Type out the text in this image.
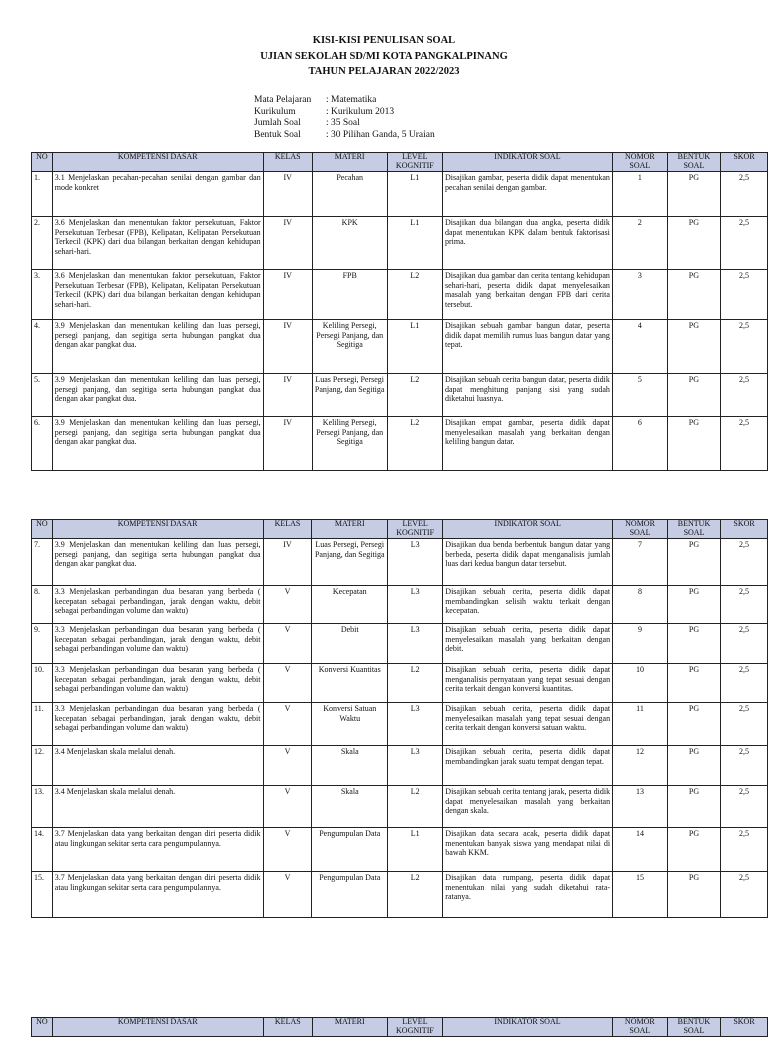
KISI-KISI PENULISAN SOAL
UJIAN SEKOLAH SD/MI KOTA PANGKALPINANG
TAHUN PELAJARAN 2022/2023
Mata Pelajaran	: Matematika
Kurikulum	: Kurikulum 2013
Jumlah Soal	: 35 Soal
Bentuk Soal	: 30 Pilihan Ganda, 5 Uraian
NO	KOMPETENSI DASAR	KELAS	MATERI	LEVEL KOGNITIF	INDIKATOR SOAL	NOMOR SOAL	BENTUK SOAL	SKOR
1.	3.1 Menjelaskan pecahan-pecahan senilai dengan gambar dan mode konkret	IV	Pecahan	L1	Disajikan gambar, peserta didik dapat menentukan pecahan senilai dengan gambar.	1	PG	2,5
2.	3.6 Menjelaskan dan menentukan faktor persekutuan, Faktor Persekutuan Terbesar (FPB), Kelipatan, Kelipatan Persekutuan Terkecil (KPK) dari dua bilangan berkaitan dengan kehidupan sehari-hari.	IV	KPK	L1	Disajikan dua bilangan dua angka, peserta didik dapat menentukan KPK dalam bentuk faktorisasi prima.	2	PG	2,5
3.	3.6 Menjelaskan dan menentukan faktor persekutuan, Faktor Persekutuan Terbesar (FPB), Kelipatan, Kelipatan Persekutuan Terkecil (KPK) dari dua bilangan berkaitan dengan kehidupan sehari-hari.	IV	FPB	L2	Disajikan dua gambar dan cerita tentang kehidupan sehari-hari, peserta didik dapat menyelesaikan masalah yang berkaitan dengan FPB dari cerita tersebut.	3	PG	2,5
4.	3.9 Menjelaskan dan menentukan keliling dan luas persegi, persegi panjang, dan segitiga serta hubungan pangkat dua dengan akar pangkat dua.	IV	Keliling Persegi, Persegi Panjang, dan Segitiga	L1	Disajikan sebuah gambar bangun datar, peserta didik dapat memilih rumus luas bangun datar yang tepat.	4	PG	2,5
5.	3.9 Menjelaskan dan menentukan keliling dan luas persegi, persegi panjang, dan segitiga serta hubungan pangkat dua dengan akar pangkat dua.	IV	Luas Persegi, Persegi Panjang, dan Segitiga	L2	Disajikan sebuah cerita bangun datar, peserta didik dapat menghitung panjang sisi yang sudah diketahui luasnya.	5	PG	2,5
6.	3.9 Menjelaskan dan menentukan keliling dan luas persegi, persegi panjang, dan segitiga serta hubungan pangkat dua dengan akar pangkat dua.	IV	Keliling Persegi, Persegi Panjang, dan Segitiga	L2	Disajikan empat gambar, peserta didik dapat menyelesaikan masalah yang berkaitan dengan keliling bangun datar.	6	PG	2,5
NO	KOMPETENSI DASAR	KELAS	MATERI	LEVEL KOGNITIF	INDIKATOR SOAL	NOMOR SOAL	BENTUK SOAL	SKOR
7.	3.9 Menjelaskan dan menentukan keliling dan luas persegi, persegi panjang, dan segitiga serta hubungan pangkat dua dengan akar pangkat dua.	IV	Luas Persegi, Persegi Panjang, dan Segitiga	L3	Disajikan dua benda berbentuk bangun datar yang berbeda, peserta didik dapat menganalisis jumlah luas dari kedua bangun datar tersebut.	7	PG	2,5
8.	3.3 Menjelaskan perbandingan dua besaran yang berbeda ( kecepatan sebagai perbandingan, jarak dengan waktu, debit sebagai perbandingan volume dan waktu)	V	Kecepatan	L3	Disajikan sebuah cerita, peserta didik dapat membandingkan selisih waktu terkait dengan kecepatan.	8	PG	2,5
9.	3.3 Menjelaskan perbandingan dua besaran yang berbeda ( kecepatan sebagai perbandingan, jarak dengan waktu, debit sebagai perbandingan volume dan waktu)	V	Debit	L3	Disajikan sebuah cerita, peserta didik dapat menyelesaikan masalah yang berkaitan dengan debit.	9	PG	2,5
10.	3.3 Menjelaskan perbandingan dua besaran yang berbeda ( kecepatan sebagai perbandingan, jarak dengan waktu, debit sebagai perbandingan volume dan waktu)	V	Konversi Kuantitas	L2	Disajikan sebuah cerita, peserta didik dapat menganalisis pernyataan yang tepat sesuai dengan cerita terkait dengan konversi kuantitas.	10	PG	2,5
11.	3.3 Menjelaskan perbandingan dua besaran yang berbeda ( kecepatan sebagai perbandingan, jarak dengan waktu, debit sebagai perbandingan volume dan waktu)	V	Konversi Satuan Waktu	L3	Disajikan sebuah cerita, peserta didik dapat menyelesaikan masalah yang tepat sesuai dengan cerita terkait dengan konversi satuan waktu.	11	PG	2,5
12.	3.4 Menjelaskan skala melalui denah.	V	Skala	L3	Disajikan sebuah cerita, peserta didik dapat membandingkan jarak suatu tempat dengan tepat.	12	PG	2,5
13.	3.4 Menjelaskan skala melalui denah.	V	Skala	L2	Disajikan sebuah cerita tentang jarak, peserta didik dapat menyelesaikan masalah yang berkaitan dengan skala.	13	PG	2,5
14.	3.7 Menjelaskan data yang berkaitan dengan diri peserta didik atau lingkungan sekitar serta cara pengumpulannya.	V	Pengumpulan Data	L1	Disajikan data secara acak, peserta didik dapat menentukan banyak siswa yang mendapat nilai di bawah KKM.	14	PG	2,5
15.	3.7 Menjelaskan data yang berkaitan dengan diri peserta didik atau lingkungan sekitar serta cara pengumpulannya.	V	Pengumpulan Data	L2	Disajikan data rumpang, peserta didik dapat menentukan nilai yang sudah diketahui rata-ratanya.	15	PG	2,5
NO	KOMPETENSI DASAR	KELAS	MATERI	LEVEL KOGNITIF	INDIKATOR SOAL	NOMOR SOAL	BENTUK SOAL	SKOR
